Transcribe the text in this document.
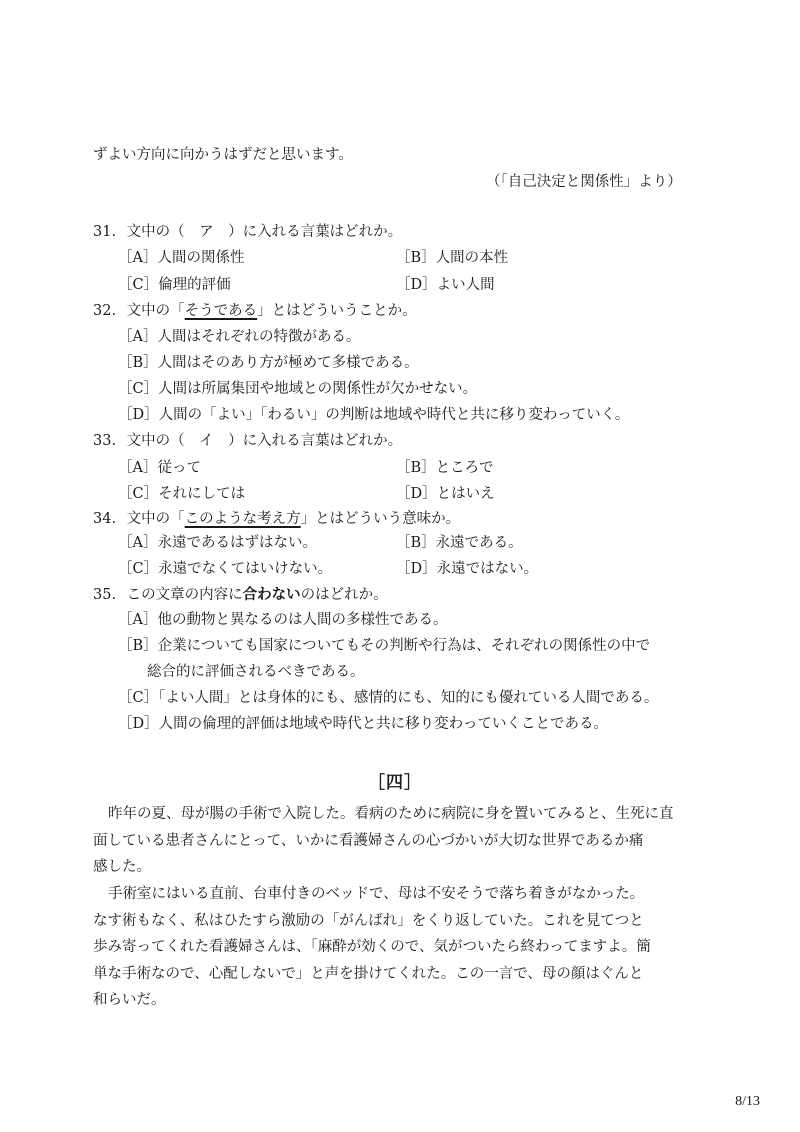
ずよい方向に向かうはずだと思います。
（「自己決定と関係性」より）
31. 文中の（　ア　）に入れる言葉はどれか。
［A］人間の関係性	［B］人間の本性
［C］倫理的評価	［D］よい人間
32. 文中の「そうである」とはどういうことか。
［A］人間はそれぞれの特徴がある。
［B］人間はそのあり方が極めて多様である。
［C］人間は所属集団や地域との関係性が欠かせない。
［D］人間の「よい」「わるい」の判断は地域や時代と共に移り変わっていく。
33. 文中の（　イ　）に入れる言葉はどれか。
［A］従って	［B］ところで
［C］それにしては	［D］とはいえ
34. 文中の「このような考え方」とはどういう意味か。
［A］永遠であるはずはない。	［B］永遠である。
［C］永遠でなくてはいけない。	［D］永遠ではない。
35. この文章の内容に合わないのはどれか。
［A］他の動物と異なるのは人間の多様性である。
［B］企業についても国家についてもその判断や行為は、それぞれの関係性の中で
総合的に評価されるべきである。
［C］「よい人間」とは身体的にも、感情的にも、知的にも優れている人間である。
［D］人間の倫理的評価は地域や時代と共に移り変わっていくことである。
［四］
昨年の夏、母が腸の手術で入院した。看病のために病院に身を置いてみると、生死に直
面している患者さんにとって、いかに看護婦さんの心づかいが大切な世界であるか痛
感した。
手術室にはいる直前、台車付きのベッドで、母は不安そうで落ち着きがなかった。
なす術もなく、私はひたすら激励の「がんばれ」をくり返していた。これを見てつと
歩み寄ってくれた看護婦さんは、「麻酔が効くので、気がついたら終わってますよ。簡
単な手術なので、心配しないで」と声を掛けてくれた。この一言で、母の顔はぐんと
和らいだ。
8/13
